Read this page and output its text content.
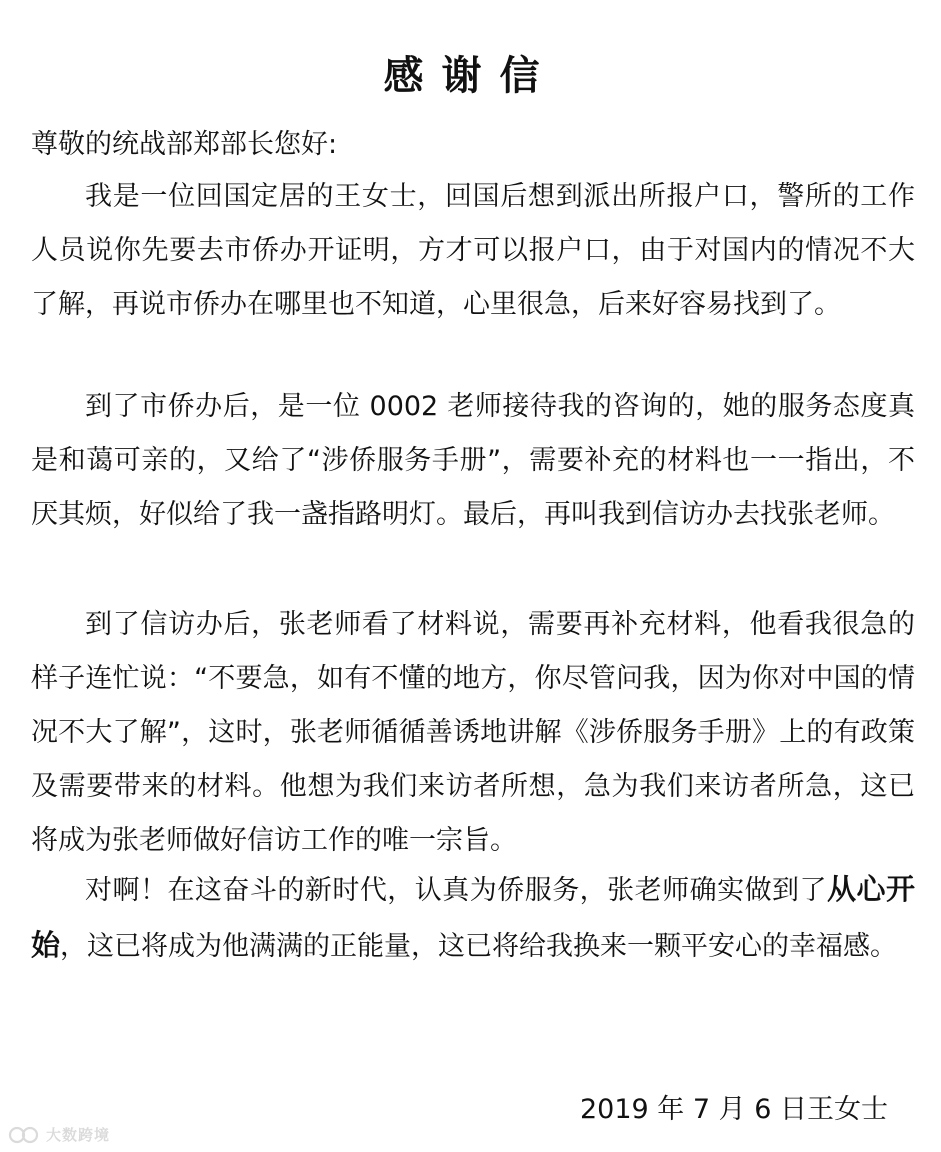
感谢信
尊敬的统战部郑部长您好:

我是一位回国定居的王女士，回国后想到派出所报户口，警所的工作人员说你先要去市侨办开证明，方才可以报户口，由于对国内的情况不大了解，再说市侨办在哪里也不知道，心里很急，后来好容易找到了。

到了市侨办后，是一位 0002 老师接待我的咨询的，她的服务态度真是和蔼可亲的，又给了“涉侨服务手册”，需要补充的材料也一一指出，不厌其烦，好似给了我一盏指路明灯。最后，再叫我到信访办去找张老师。

到了信访办后，张老师看了材料说，需要再补充材料，他看我很急的样子连忙说：“不要急，如有不懂的地方，你尽管问我，因为你对中国的情况不大了解”，这时，张老师循循善诱地讲解《涉侨服务手册》上的有政策及需要带来的材料。他想为我们来访者所想，急为我们来访者所急，这已将成为张老师做好信访工作的唯一宗旨。

对啊！在这奋斗的新时代，认真为侨服务，张老师确实做到了从心开始，这已将成为他满满的正能量，这已将给我换来一颗平安心的幸福感。

2019 年 7 月 6 日王女士
大数跨境
